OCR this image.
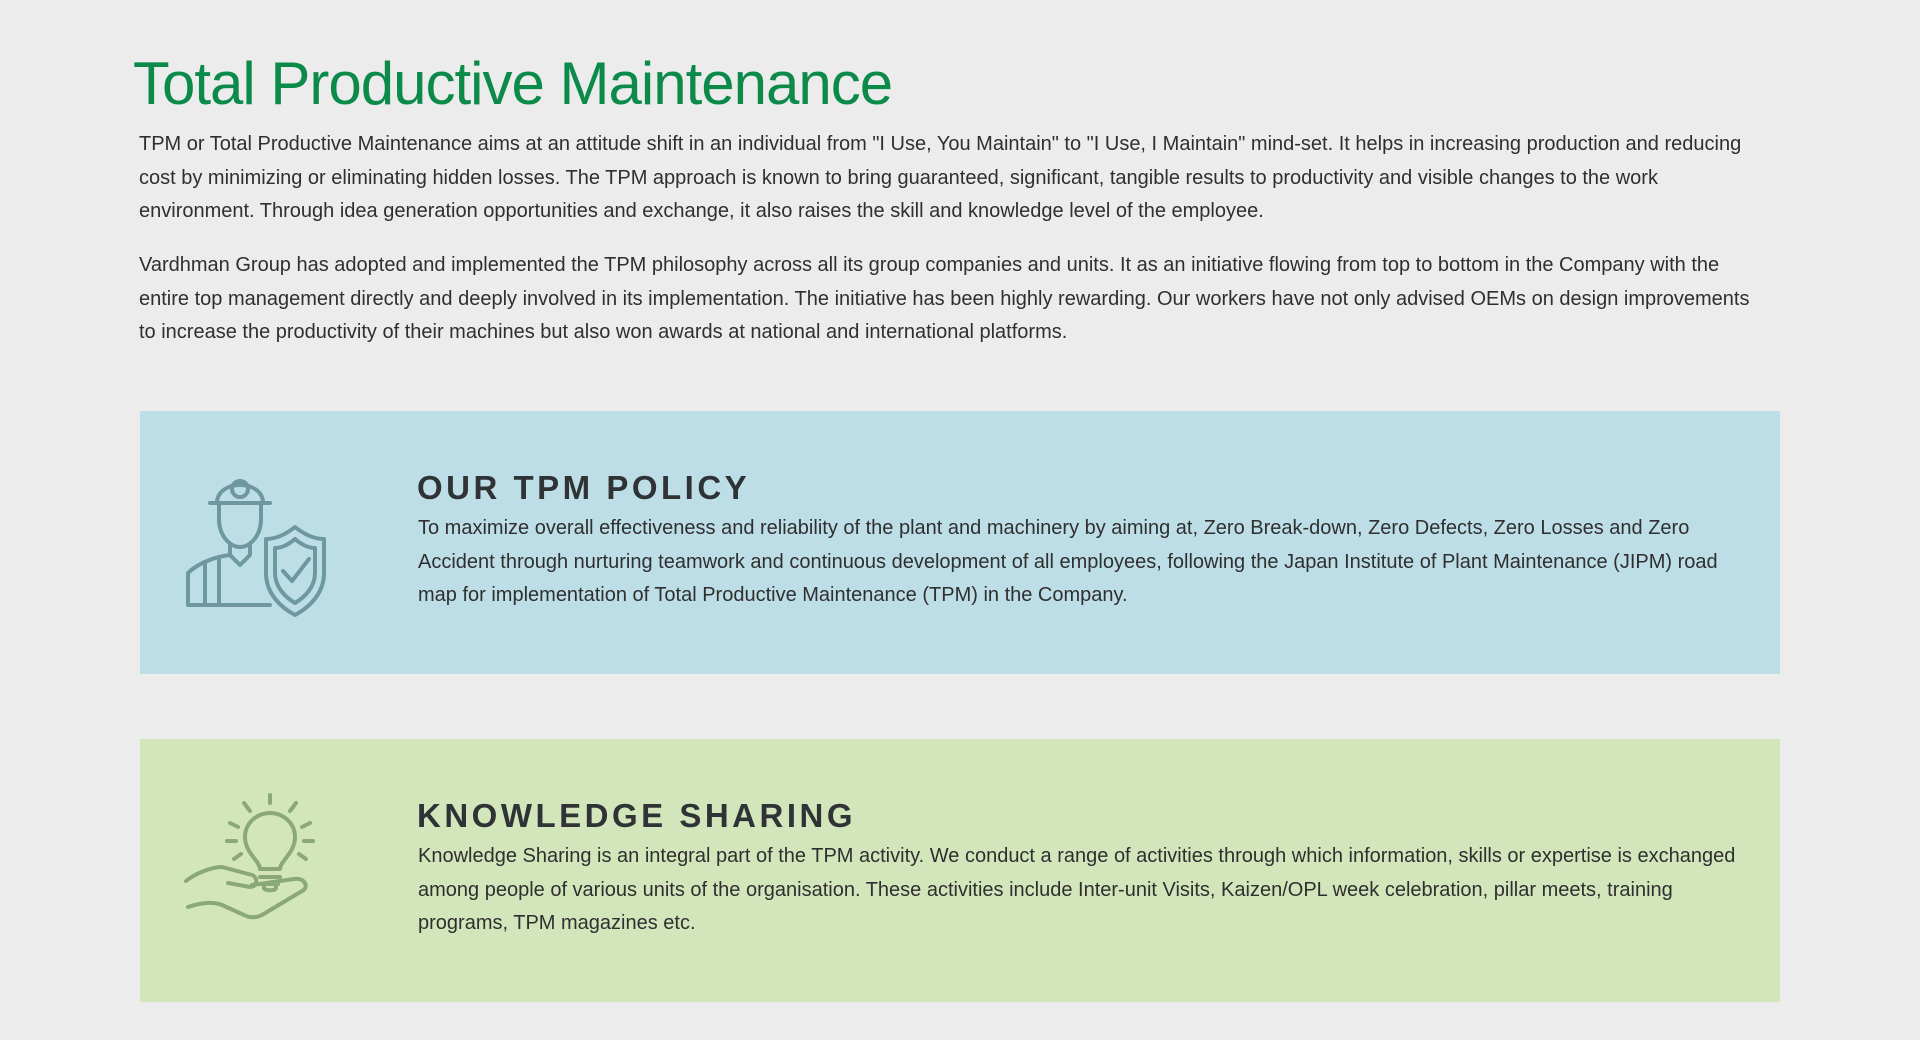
Total Productive Maintenance

TPM or Total Productive Maintenance aims at an attitude shift in an individual from "I Use, You Maintain" to "I Use, I Maintain" mind-set. It helps in increasing production and reducing cost by minimizing or eliminating hidden losses. The TPM approach is known to bring guaranteed, significant, tangible results to productivity and visible changes to the work environment. Through idea generation opportunities and exchange, it also raises the skill and knowledge level of the employee.

Vardhman Group has adopted and implemented the TPM philosophy across all its group companies and units. It as an initiative flowing from top to bottom in the Company with the entire top management directly and deeply involved in its implementation. The initiative has been highly rewarding. Our workers have not only advised OEMs on design improvements to increase the productivity of their machines but also won awards at national and international platforms.

OUR TPM POLICY

To maximize overall effectiveness and reliability of the plant and machinery by aiming at, Zero Break-down, Zero Defects, Zero Losses and Zero Accident through nurturing teamwork and continuous development of all employees, following the Japan Institute of Plant Maintenance (JIPM) road map for implementation of Total Productive Maintenance (TPM) in the Company.

KNOWLEDGE SHARING

Knowledge Sharing is an integral part of the TPM activity. We conduct a range of activities through which information, skills or expertise is exchanged among people of various units of the organisation. These activities include Inter-unit Visits, Kaizen/OPL week celebration, pillar meets, training programs, TPM magazines etc.
